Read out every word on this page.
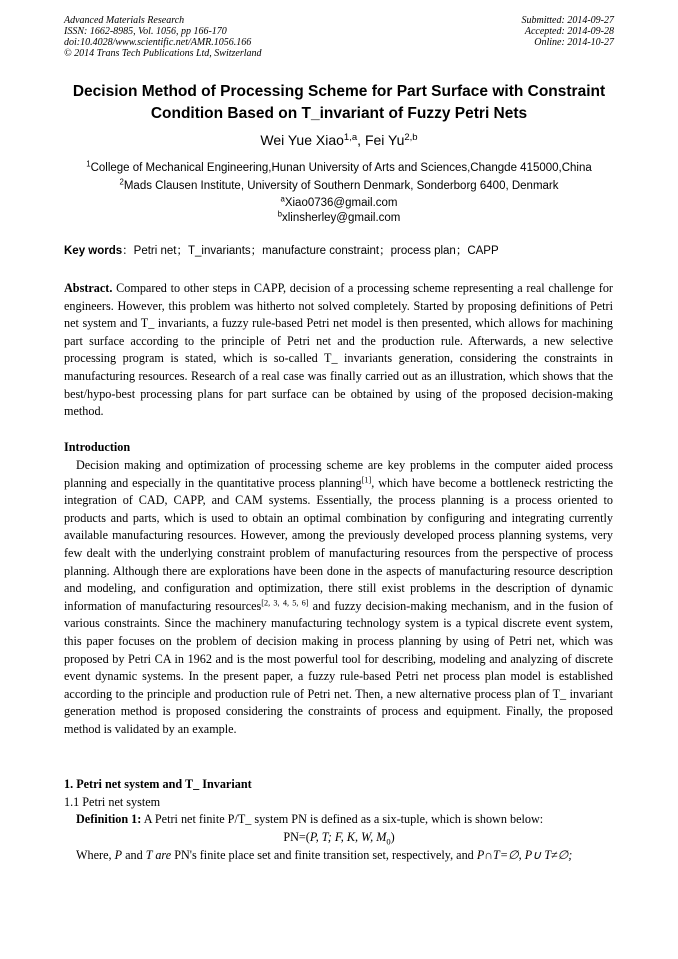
Advanced Materials Research
ISSN: 1662-8985, Vol. 1056, pp 166-170
doi:10.4028/www.scientific.net/AMR.1056.166
© 2014 Trans Tech Publications Ltd, Switzerland
Submitted: 2014-09-27
Accepted: 2014-09-28
Online: 2014-10-27
Decision Method of Processing Scheme for Part Surface with Constraint Condition Based on T_invariant of Fuzzy Petri Nets
Wei Yue Xiao$^{1,a}$, Fei Yu$^{2,b}$
$^1$College of Mechanical Engineering,Hunan University of Arts and Sciences,Changde 415000,China
$^2$Mads Clausen Institute, University of Southern Denmark, Sonderborg 6400, Denmark
$^a$Xiao0736@gmail.com
$^b$xlinsherley@gmail.com
Key words：Petri net；T_invariants；manufacture constraint；process plan；CAPP
Abstract. Compared to other steps in CAPP, decision of a processing scheme representing a real challenge for engineers. However, this problem was hitherto not solved completely. Started by proposing definitions of Petri net system and T_ invariants, a fuzzy rule-based Petri net model is then presented, which allows for machining part surface according to the principle of Petri net and the production rule. Afterwards, a new selective processing program is stated, which is so-called T_ invariants generation, considering the constraints in manufacturing resources. Research of a real case was finally carried out as an illustration, which shows that the best/hypo-best processing plans for part surface can be obtained by using of the proposed decision-making method.
Introduction
Decision making and optimization of processing scheme are key problems in the computer aided process planning and especially in the quantitative process planning[1], which have become a bottleneck restricting the integration of CAD, CAPP, and CAM systems. Essentially, the process planning is a process oriented to products and parts, which is used to obtain an optimal combination by configuring and integrating currently available manufacturing resources. However, among the previously developed process planning systems, very few dealt with the underlying constraint problem of manufacturing resources from the perspective of process planning. Although there are explorations have been done in the aspects of manufacturing resource description and modeling, and configuration and optimization, there still exist problems in the description of dynamic information of manufacturing resources[2, 3, 4, 5, 6] and fuzzy decision-making mechanism, and in the fusion of various constraints. Since the machinery manufacturing technology system is a typical discrete event system, this paper focuses on the problem of decision making in process planning by using of Petri net, which was proposed by Petri CA in 1962 and is the most powerful tool for describing, modeling and analyzing of discrete event dynamic systems. In the present paper, a fuzzy rule-based Petri net process plan model is established according to the principle and production rule of Petri net. Then, a new alternative process plan of T_ invariant generation method is proposed considering the constraints of process and equipment. Finally, the proposed method is validated by an example.
1. Petri net system and T_ Invariant
1.1 Petri net system
Definition 1: A Petri net finite P/T_ system PN is defined as a six-tuple, which is shown below:
PN=(P, T; F, K, W, $M_0$)
Where, P and T are PN's finite place set and finite transition set, respectively, and P∩T=∅, P∪ T≠∅;
